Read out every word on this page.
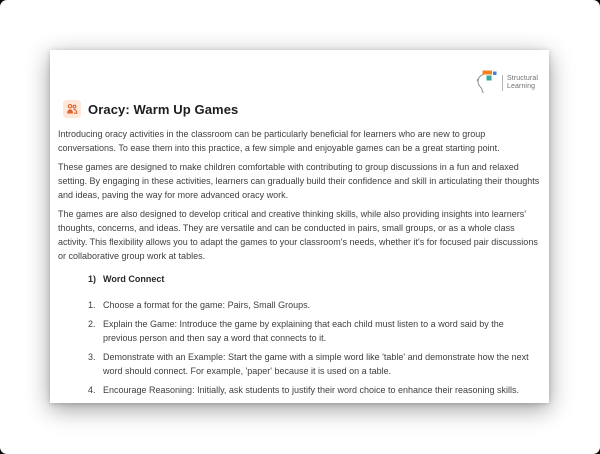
Structural
Learning
Oracy: Warm Up Games

Introducing oracy activities in the classroom can be particularly beneficial for learners who are new to group conversations. To ease them into this practice, a few simple and enjoyable games can be a great starting point.

These games are designed to make children comfortable with contributing to group discussions in a fun and relaxed setting. By engaging in these activities, learners can gradually build their confidence and skill in articulating their thoughts and ideas, paving the way for more advanced oracy work.

The games are also designed to develop critical and creative thinking skills, while also providing insights into learners' thoughts, concerns, and ideas. They are versatile and can be conducted in pairs, small groups, or as a whole class activity. This flexibility allows you to adapt the games to your classroom's needs, whether it's for focused pair discussions or collaborative group work at tables.

1) Word Connect
1. Choose a format for the game: Pairs, Small Groups.
2. Explain the Game: Introduce the game by explaining that each child must listen to a word said by the previous person and then say a word that connects to it.
3. Demonstrate with an Example: Start the game with a simple word like 'table' and demonstrate how the next word should connect. For example, 'paper' because it is used on a table.
4. Encourage Reasoning: Initially, ask students to justify their word choice to enhance their reasoning skills.
